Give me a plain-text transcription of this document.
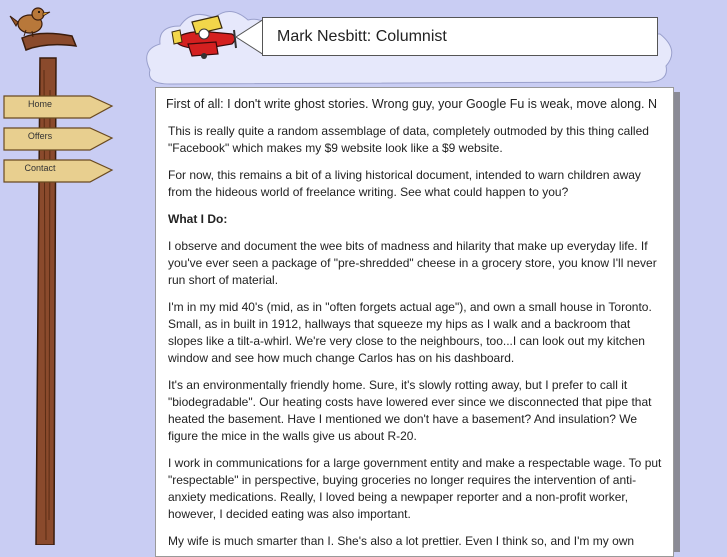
Home
Offers
Contact
Mark Nesbitt: Columnist
First of all: I don't write ghost stories. Wrong guy, your Google Fu is weak, move along. N

This is really quite a random assemblage of data, completely outmoded by this thing called "Facebook" which makes my $9 website look like a $9 website.

For now, this remains a bit of a living historical document, intended to warn children away from the hideous world of freelance writing. See what could happen to you?

What I Do:

I observe and document the wee bits of madness and hilarity that make up everyday life. If you've ever seen a package of "pre-shredded" cheese in a grocery store, you know I'll never run short of material.

I'm in my mid 40's (mid, as in "often forgets actual age"), and own a small house in Toronto. Small, as in built in 1912, hallways that squeeze my hips as I walk and a backroom that slopes like a tilt-a-whirl. We're very close to the neighbours, too...I can look out my kitchen window and see how much change Carlos has on his dashboard.

It's an environmentally friendly home. Sure, it's slowly rotting away, but I prefer to call it "biodegradable". Our heating costs have lowered ever since we disconnected that pipe that heated the basement. Have I mentioned we don't have a basement? And insulation? We figure the mice in the walls give us about R-20.

I work in communications for a large government entity and make a respectable wage. To put "respectable" in perspective, buying groceries no longer requires the intervention of anti-anxiety medications. Really, I loved being a newpaper reporter and a non-profit worker, however, I decided eating was also important.

My wife is much smarter than I. She's also a lot prettier. Even I think so, and I'm my own
